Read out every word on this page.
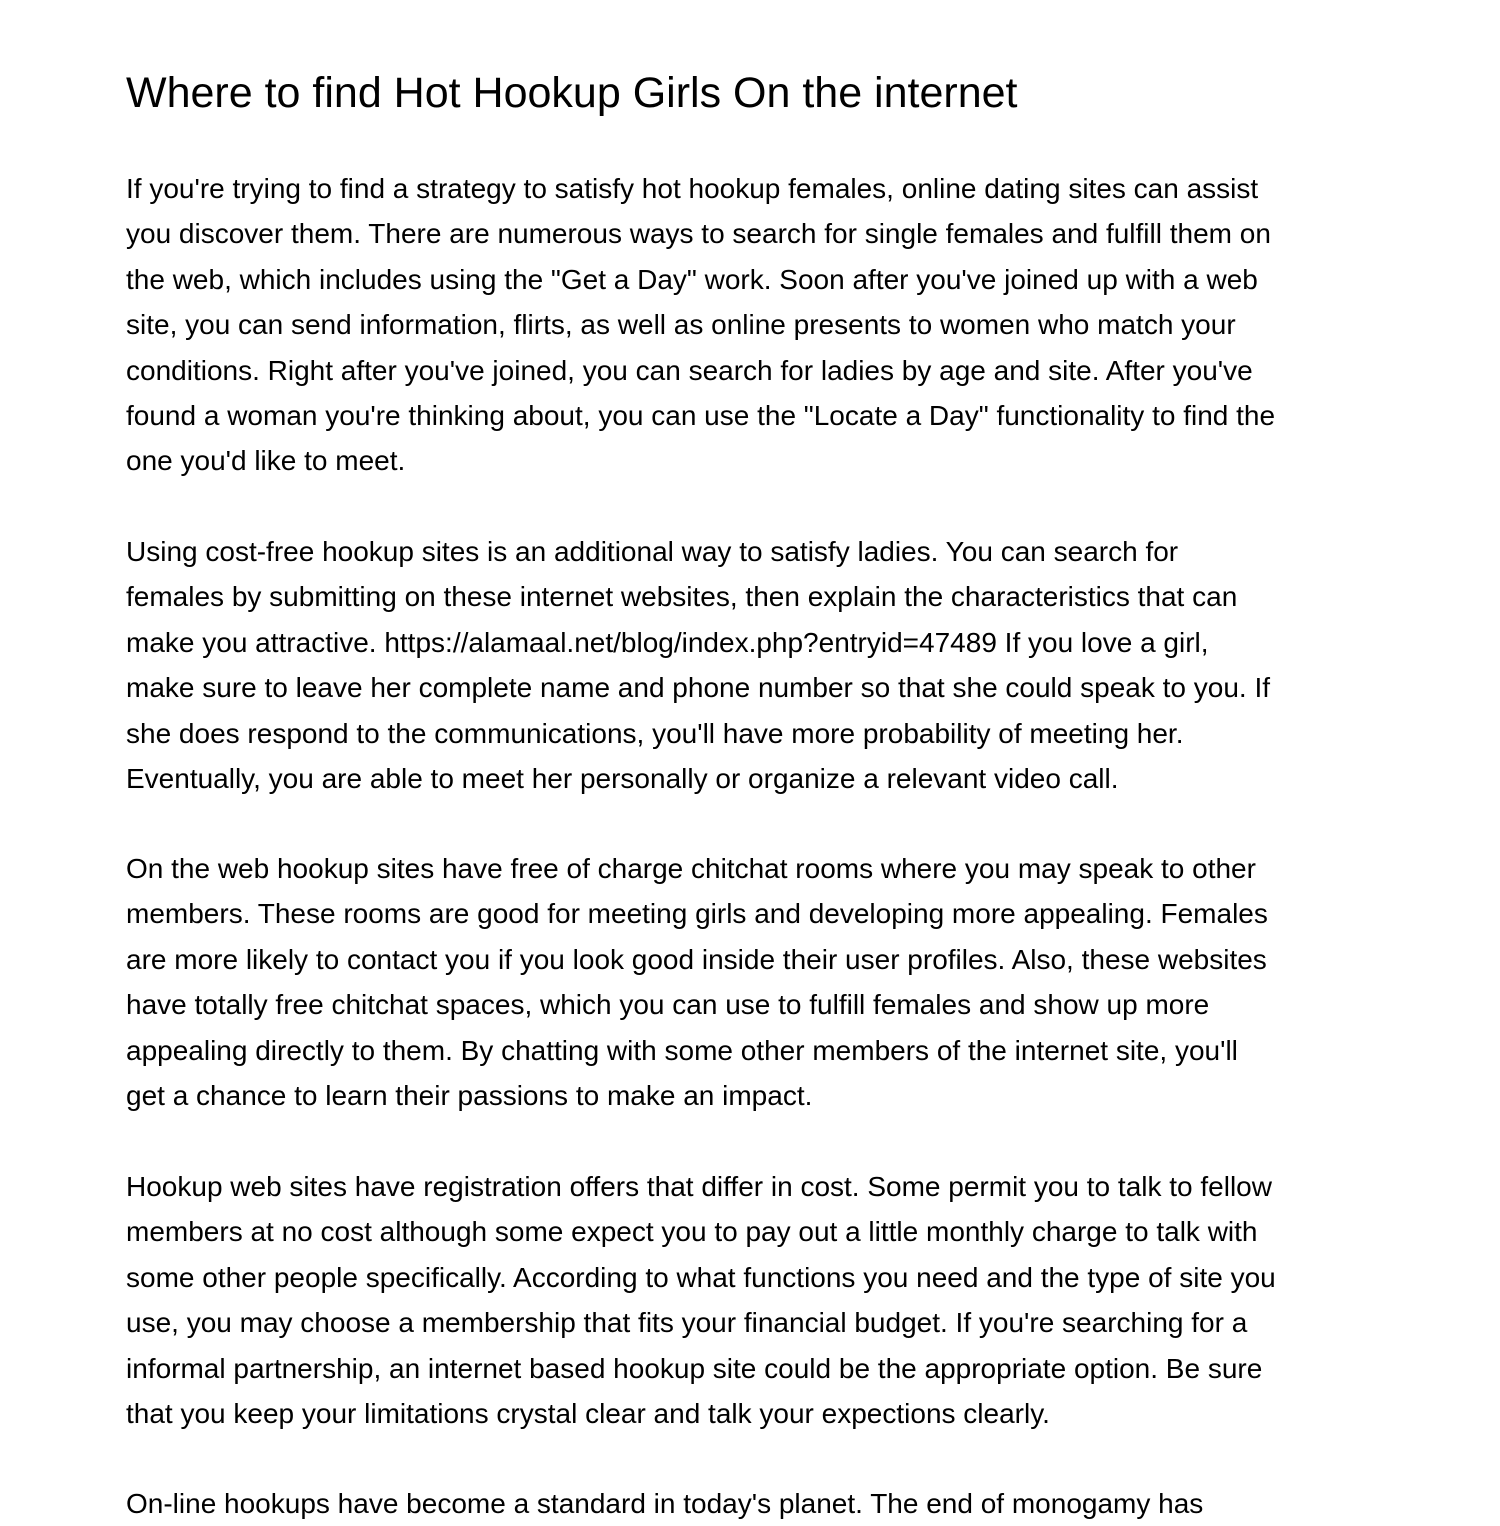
Where to find Hot Hookup Girls On the internet

If you're trying to find a strategy to satisfy hot hookup females, online dating sites can assist
you discover them. There are numerous ways to search for single females and fulfill them on
the web, which includes using the "Get a Day" work. Soon after you've joined up with a web
site, you can send information, flirts, as well as online presents to women who match your
conditions. Right after you've joined, you can search for ladies by age and site. After you've
found a woman you're thinking about, you can use the "Locate a Day" functionality to find the
one you'd like to meet.

Using cost-free hookup sites is an additional way to satisfy ladies. You can search for
females by submitting on these internet websites, then explain the characteristics that can
make you attractive. https://alamaal.net/blog/index.php?entryid=47489 If you love a girl,
make sure to leave her complete name and phone number so that she could speak to you. If
she does respond to the communications, you'll have more probability of meeting her.
Eventually, you are able to meet her personally or organize a relevant video call.

On the web hookup sites have free of charge chitchat rooms where you may speak to other
members. These rooms are good for meeting girls and developing more appealing. Females
are more likely to contact you if you look good inside their user profiles. Also, these websites
have totally free chitchat spaces, which you can use to fulfill females and show up more
appealing directly to them. By chatting with some other members of the internet site, you'll
get a chance to learn their passions to make an impact.

Hookup web sites have registration offers that differ in cost. Some permit you to talk to fellow
members at no cost although some expect you to pay out a little monthly charge to talk with
some other people specifically. According to what functions you need and the type of site you
use, you may choose a membership that fits your financial budget. If you're searching for a
informal partnership, an internet based hookup site could be the appropriate option. Be sure
that you keep your limitations crystal clear and talk your expections clearly.

On-line hookups have become a standard in today's planet. The end of monogamy has
